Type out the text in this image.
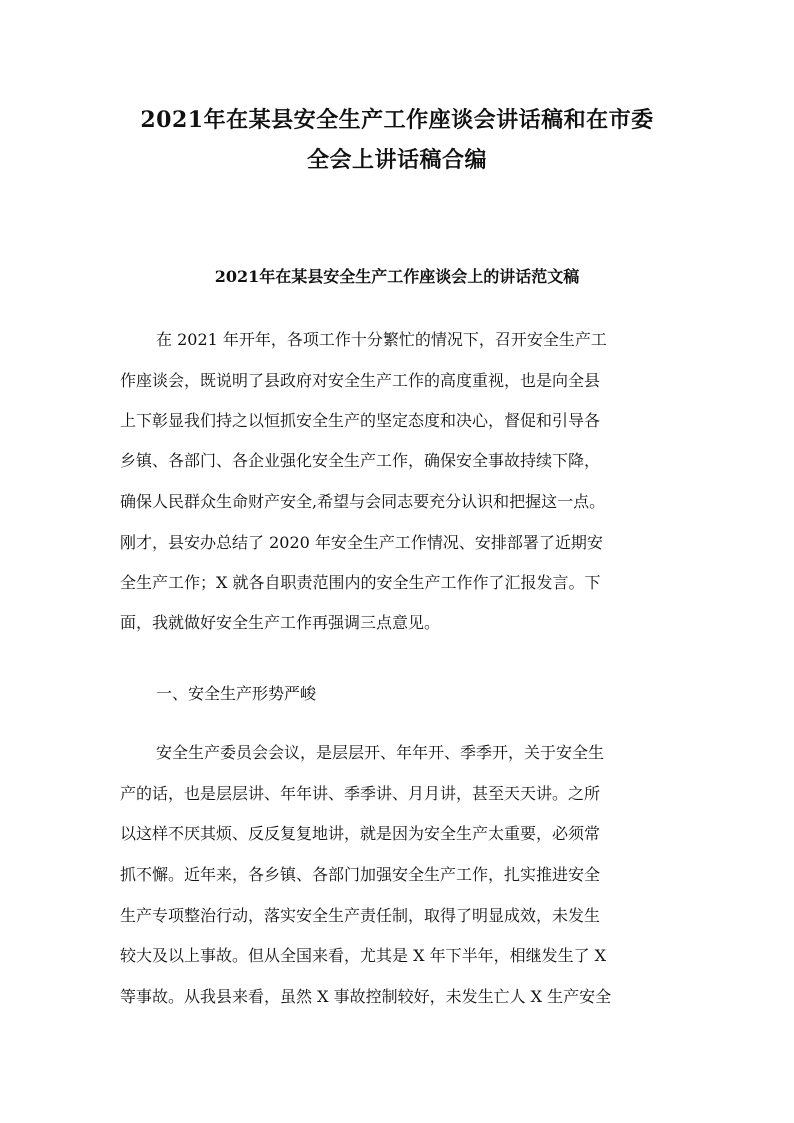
2021年在某县安全生产工作座谈会讲话稿和在市委
全会上讲话稿合编
2021年在某县安全生产工作座谈会上的讲话范文稿
在 2021 年开年，各项工作十分繁忙的情况下，召开安全生产工
作座谈会，既说明了县政府对安全生产工作的高度重视，也是向全县
上下彰显我们持之以恒抓安全生产的坚定态度和决心，督促和引导各
乡镇、各部门、各企业强化安全生产工作，确保安全事故持续下降，
确保人民群众生命财产安全,希望与会同志要充分认识和把握这一点。
刚才，县安办总结了 2020 年安全生产工作情况、安排部署了近期安
全生产工作；X 就各自职责范围内的安全生产工作作了汇报发言。下
面，我就做好安全生产工作再强调三点意见。
一、安全生产形势严峻
安全生产委员会会议，是层层开、年年开、季季开，关于安全生
产的话，也是层层讲、年年讲、季季讲、月月讲，甚至天天讲。之所
以这样不厌其烦、反反复复地讲，就是因为安全生产太重要，必须常
抓不懈。近年来，各乡镇、各部门加强安全生产工作，扎实推进安全
生产专项整治行动，落实安全生产责任制，取得了明显成效，未发生
较大及以上事故。但从全国来看，尤其是 X 年下半年，相继发生了 X
等事故。从我县来看，虽然 X 事故控制较好，未发生亡人 X 生产安全
